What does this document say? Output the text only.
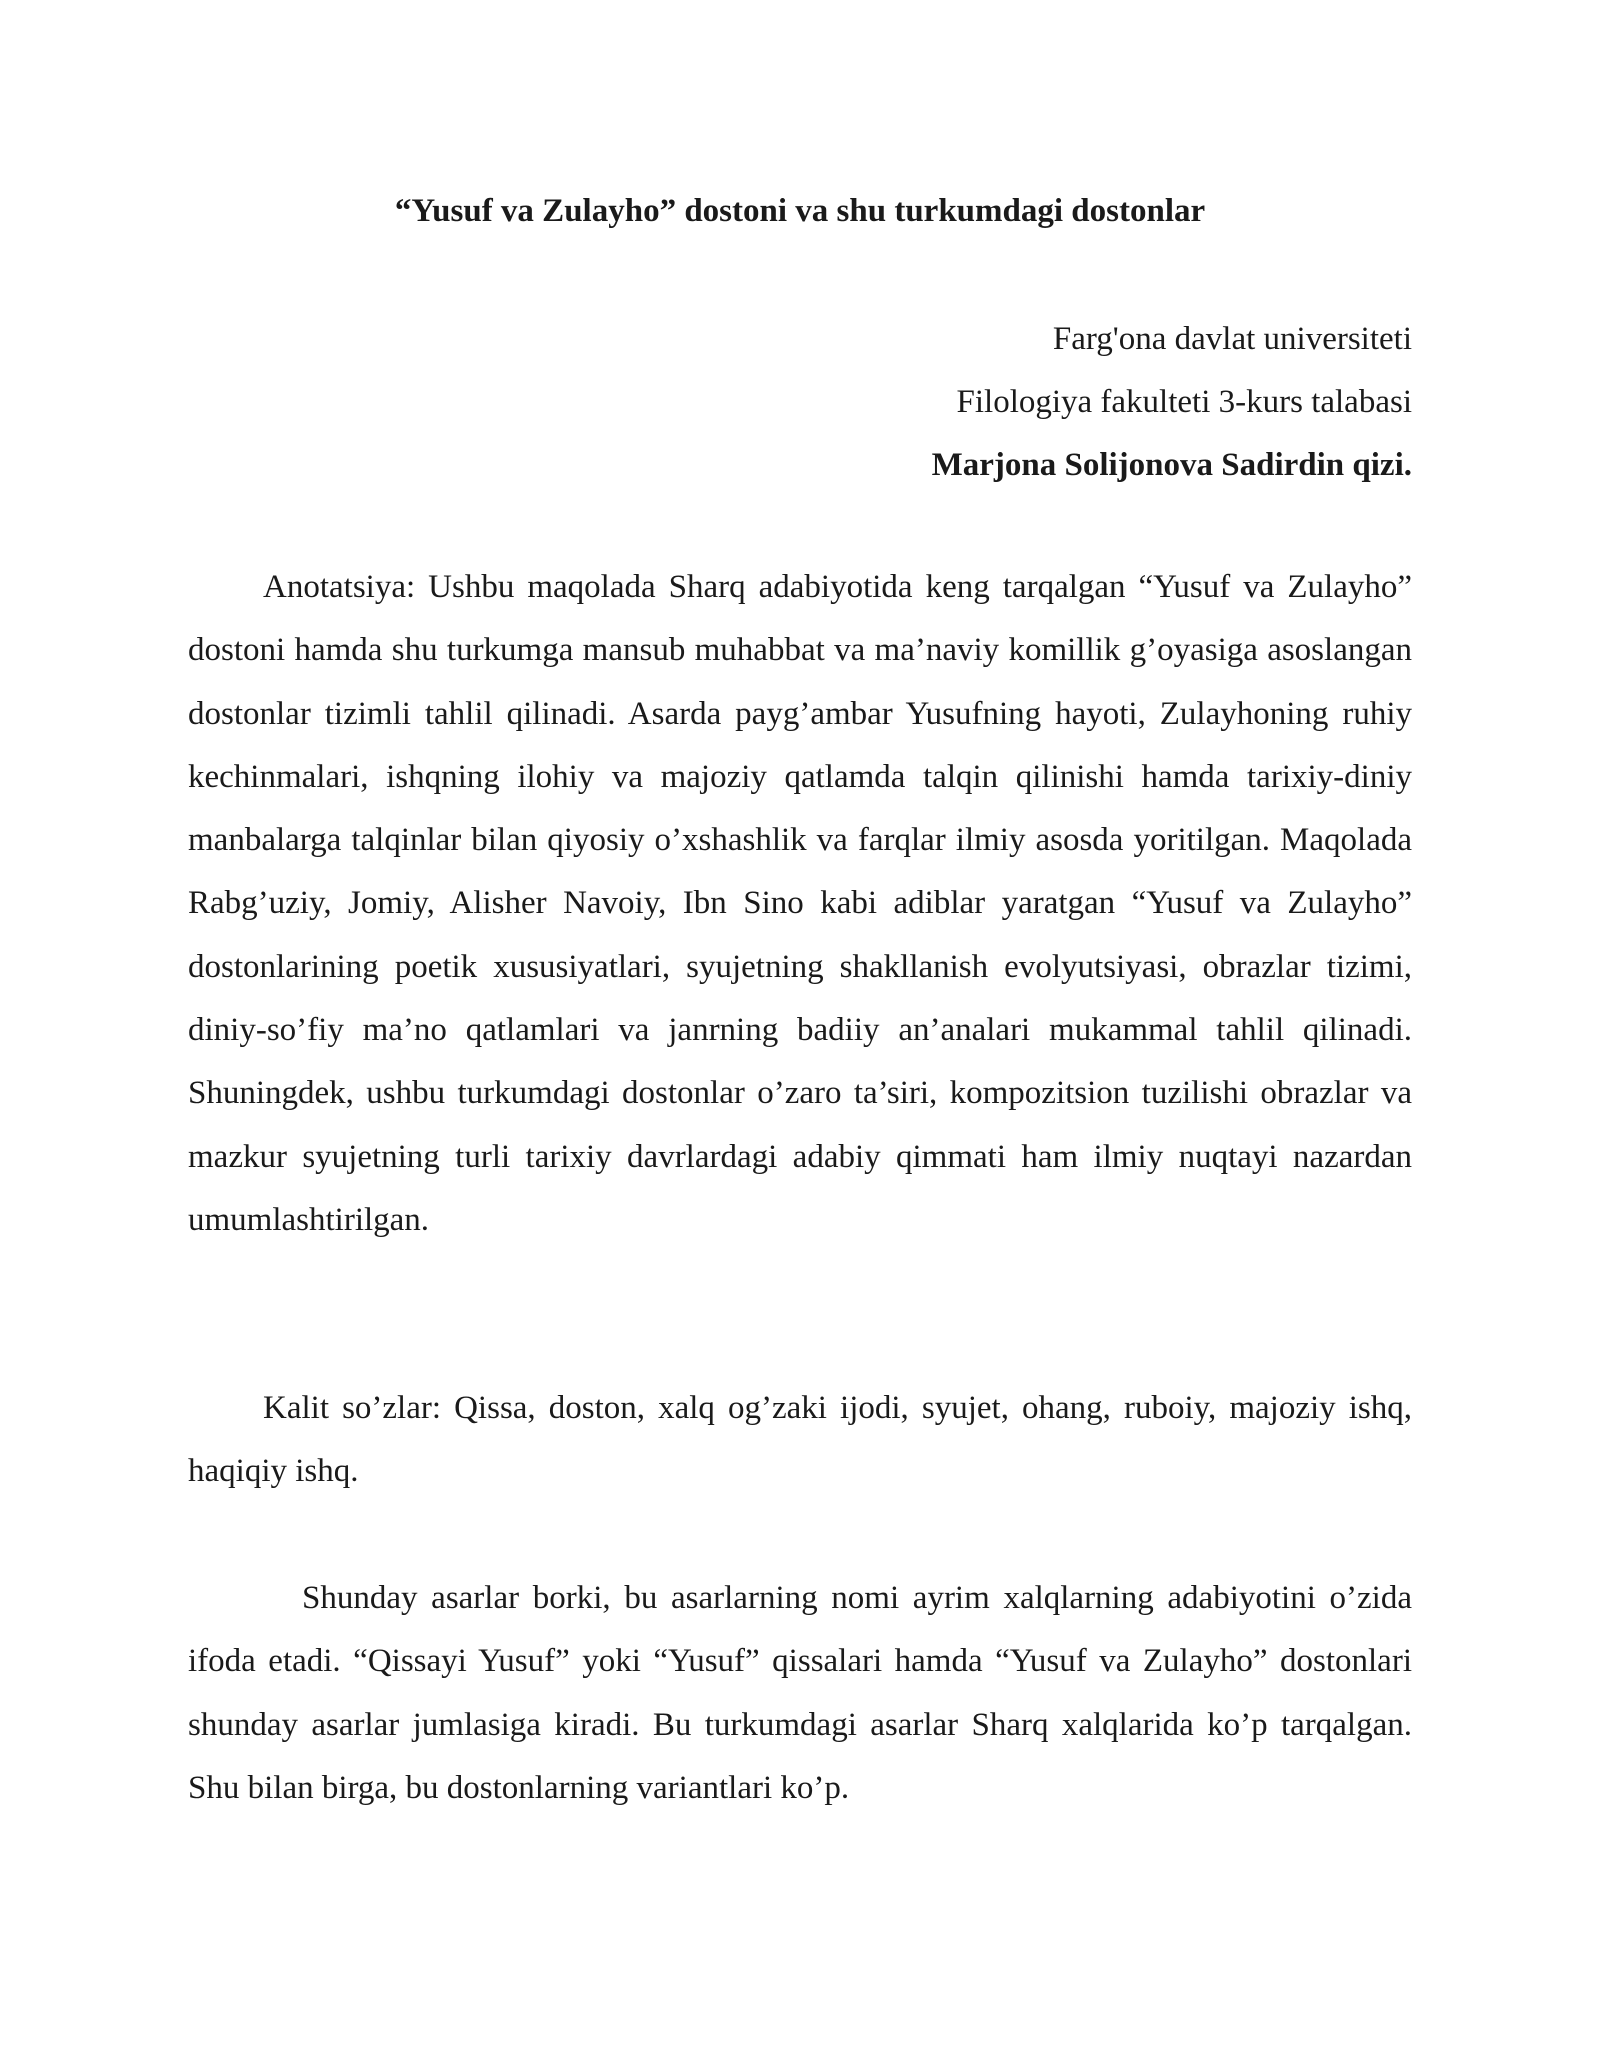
“Yusuf va Zulayho” dostoni va shu turkumdagi dostonlar
Farg'ona davlat universiteti
Filologiya fakulteti 3-kurs talabasi
Marjona Solijonova Sadirdin qizi.

Anotatsiya: Ushbu maqolada Sharq adabiyotida keng tarqalgan “Yusuf va Zulayho” dostoni hamda shu turkumga mansub muhabbat va ma’naviy komillik g’oyasiga asoslangan dostonlar tizimli tahlil qilinadi. Asarda payg’ambar Yusufning hayoti, Zulayhoning ruhiy kechinmalari, ishqning ilohiy va majoziy qatlamda talqin qilinishi hamda tarixiy-diniy manbalarga talqinlar bilan qiyosiy o’xshashlik va farqlar ilmiy asosda yoritilgan. Maqolada Rabg’uziy, Jomiy, Alisher Navoiy, Ibn Sino kabi adiblar yaratgan “Yusuf va Zulayho” dostonlarining poetik xususiyatlari, syujetning shakllanish evolyutsiyasi, obrazlar tizimi, diniy-so’fiy ma’no qatlamlari va janrning badiiy an’analari mukammal tahlil qilinadi. Shuningdek, ushbu turkumdagi dostonlar o’zaro ta’siri, kompozitsion tuzilishi obrazlar va mazkur syujetning turli tarixiy davrlardagi adabiy qimmati ham ilmiy nuqtayi nazardan umumlashtirilgan.

Kalit so’zlar: Qissa, doston, xalq og’zaki ijodi, syujet, ohang, ruboiy, majoziy ishq, haqiqiy ishq.

Shunday asarlar borki, bu asarlarning nomi ayrim xalqlarning adabiyotini o’zida ifoda etadi. “Qissayi Yusuf” yoki “Yusuf” qissalari hamda “Yusuf va Zulayho” dostonlari shunday asarlar jumlasiga kiradi. Bu turkumdagi asarlar Sharq xalqlarida ko’p tarqalgan. Shu bilan birga, bu dostonlarning variantlari ko’p.
